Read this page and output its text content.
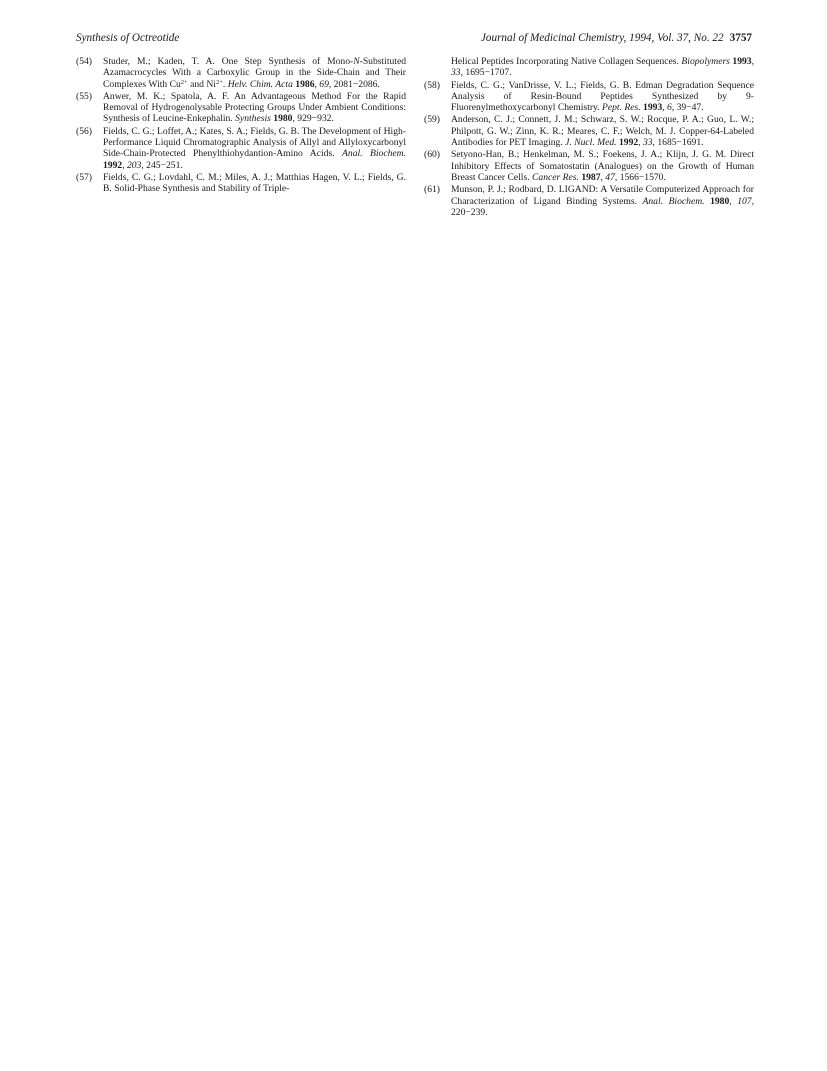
Synthesis of Octreotide	Journal of Medicinal Chemistry, 1994, Vol. 37, No. 22 3757

(54) Studer, M.; Kaden, T. A. One Step Synthesis of Mono-N-Substituted Azamacrocycles With a Carboxylic Group in the Side-Chain and Their Complexes With $Cu^{2+}$ and $Ni^{2+}$. Helv. Chim. Acta 1986, 69, 2081−2086.

(55) Anwer, M. K.; Spatola, A. F. An Advantageous Method For the Rapid Removal of Hydrogenolysable Protecting Groups Under Ambient Conditions: Synthesis of Leucine-Enkephalin. Synthesis 1980, 929−932.

(56) Fields, C. G.; Loffet, A.; Kates, S. A.; Fields, G. B. The Development of High-Performance Liquid Chromatographic Analysis of Allyl and Allyloxycarbonyl Side-Chain-Protected Phenylthiohydantion-Amino Acids. Anal. Biochem. 1992, 203, 245−251.

(57) Fields, C. G.; Lovdahl, C. M.; Miles, A. J.; Matthias Hagen, V. L.; Fields, G. B. Solid-Phase Synthesis and Stability of Triple-

Helical Peptides Incorporating Native Collagen Sequences. Biopolymers 1993, 33, 1695−1707.

(58) Fields, C. G.; VanDrisse, V. L.; Fields, G. B. Edman Degradation Sequence Analysis of Resin-Bound Peptides Synthesized by 9-Fluorenylmethoxycarbonyl Chemistry. Pept. Res. 1993, 6, 39−47.

(59) Anderson, C. J.; Connett, J. M.; Schwarz, S. W.; Rocque, P. A.; Guo, L. W.; Philpott, G. W.; Zinn, K. R.; Meares, C. F.; Welch, M. J. Copper-64-Labeled Antibodies for PET Imaging. J. Nucl. Med. 1992, 33, 1685−1691.

(60) Setyono-Han, B.; Henkelman, M. S.; Foekens, J. A.; Klijn, J. G. M. Direct Inhibitory Effects of Somatostatin (Analogues) on the Growth of Human Breast Cancer Cells. Cancer Res. 1987, 47, 1566−1570.

(61) Munson, P. J.; Rodbard, D. LIGAND: A Versatile Computerized Approach for Characterization of Ligand Binding Systems. Anal. Biochem. 1980, 107, 220−239.
